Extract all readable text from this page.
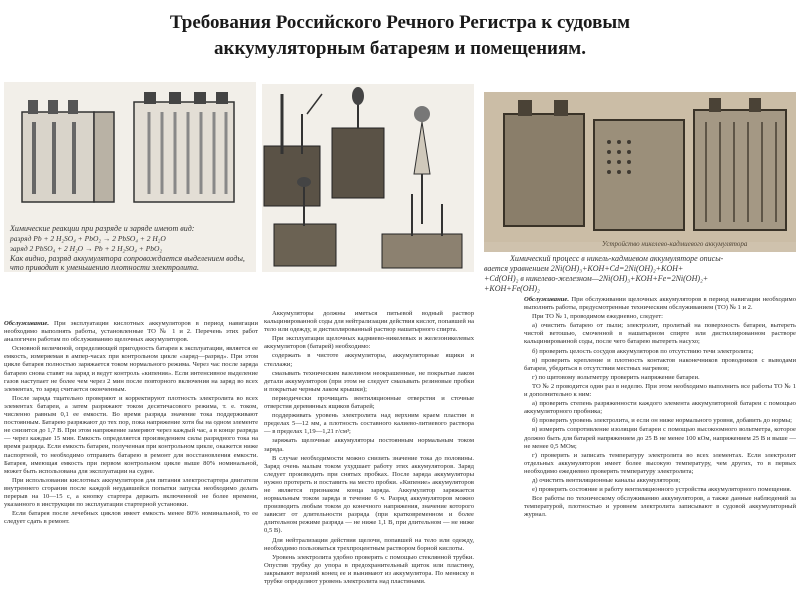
Требования Российского Речного Регистра к судовым
аккумуляторным батареям и помещениям.
Химические реакции при разряде и заряде имеют вид:
разряд Pb + 2 H₂SO₄ + PbO₂ → 2 PbSO₄ + 2 H₂O
заряд 2 PbSO₄ + 2 H₂O → Pb + 2 H₂SO₄ + PbO₂
Как видно, разряд аккумулятора сопровождается выделением воды,
что приводит к уменьшению плотности электролита.
Устройство никелево-кадмиевого аккумулятора
Химический процесс в никель-кадмиевом аккумуляторе описы-
вается уравнением 2Ni(OH)₃+KOH+Cd=2Ni(OH)₂+KOH+
+Cd(OH)₂ в никелево-железном—2Ni(OH)₃+KOH+Fe=2Ni(OH)₂+
+KOH+Fe(OH)₂

Обслуживание. При эксплуатации кислотных аккумуляторов в период навигации необходимо выполнять работы, установленные ТО № 1 и 2. Перечень этих работ аналогичен работам по обслуживанию щелочных аккумуляторов.

Основной величиной, определяющей пригодность батареи к эксплуатации, является ее емкость, измеряемая в ампер-часах при контрольном цикле «заряд—разряд». При этом цикле батарея полностью заряжается током нормального режима. Через час после заряда батарею снова ставят на заряд и ведут контроль «кипения». Если интенсивное выделение газов наступает не более чем через 2 мин после повторного включения на заряд во всех элементах, то заряд считается оконченным.

После заряда тщательно проверяют и корректируют плотность электролита во всех элементах батареи, а затем разряжают током десятичасового режима, т. е. током, численно равным 0,1 ее емкости. Во время разряда значение тока поддерживают постоянным. Батарею разряжают до тех пор, пока напряжение хотя бы на одном элементе не снизится до 1,7 В. При этом напряжение замеряют через каждый час, а в конце разряда — через каждые 15 мин. Емкость определяется произведением силы разрядного тока на время разряда. Если емкость батареи, полученная при контрольном цикле, окажется ниже паспортной, то необходимо отправить батарею в ремонт для восстановления емкости. Батарея, имеющая емкость при первом контрольном цикле выше 80% номинальной, может быть использована для эксплуатации на судне.

При использовании кислотных аккумуляторов для питания электростартера двигателя внутреннего сгорания после каждой неудавшейся попытки запуска необходимо делать перерыв на 10—15 с, а кнопку стартера держать включенной не более времени, указанного в инструкции по эксплуатации стартерной установки.

Если батарея после лечебных циклов имеет емкость менее 80% номинальной, то ее следует сдать в ремонт.

Аккумуляторы должны иметься питьевой водный раствор кальцинированной соды для нейтрализации действия кислот, попавшей на тело или одежду, и дистиллированный раствор нашатырного спирта.

При эксплуатации щелочных кадмиево-никелевых и железоникелевых аккумуляторов (батарей) необходимо:

содержать в чистоте аккумуляторы, аккумуляторные ящики и стеллажи;

смазывать техническим вазелином неокрашенные, не покрытые лаком детали аккумуляторов (при этом не следует смазывать резиновые пробки и покрытые черным лаком крышки);

периодически прочищать вентиляционные отверстия и сточные отверстия деревянных ящиков батарей;

поддерживать уровень электролита над верхним краем пластин в пределах 5—12 мм, а плотность составного калиево-литиевого раствора — в пределах 1,19—1,21 г/см³;

заряжать щелочные аккумуляторы постоянным нормальным током заряда.

В случае необходимости можно снизить значение тока до половины. Заряд очень малым током ухудшает работу этих аккумуляторов. Заряд следует производить при снятых пробках. После заряда аккумуляторы нужно протереть и поставить на место пробки. «Кипение» аккумуляторов не является признаком конца заряда. Аккумулятор заряжается нормальным током заряда в течение 6 ч. Разряд аккумуляторов можно производить любым током до конечного напряжения, значение которого зависит от длительности разряда (при кратковременном и более длительном режиме разряда — не ниже 1,1 В, при длительном — не ниже 0,5 В).

Для нейтрализации действия щелочи, попавшей на тело или одежду, необходимо пользоваться трехпроцентным раствором борной кислоты.

Уровень электролита удобно проверять с помощью стеклянной трубки. Опустив трубку до упора в предохранительный щиток или пластину, закрывают верхний конец ее и вынимают из аккумулятора. По мениску в трубке определяют уровень электролита над пластинами.

Обслуживание. При обслуживании щелочных аккумуляторов в период навигации необходимо выполнять работы, предусмотренные техническим обслуживанием (ТО) № 1 и 2.

При ТО № 1, проводимом ежедневно, следует:

а) очистить батарею от пыли; электролит, пролитый на поверхность батареи, вытереть чистой ветошью, смоченной в нашатырном спирте или дистиллированном растворе кальцинированной соды, после чего батарею вытереть насухо;

б) проверить целость сосудов аккумуляторов по отсутствию течи электролита;

в) проверить крепление и плотность контактов наконечников проводников с выводами батареи, убедиться в отсутствии местных нагревов;

г) по щитовому вольтметру проверить напряжение батареи.

ТО № 2 проводится один раз в неделю. При этом необходимо выполнить все работы ТО № 1 и дополнительно к ним:

а) проверить степень разряженности каждого элемента аккумуляторной батареи с помощью аккумуляторного пробника;

б) проверить уровень электролита, и если он ниже нормального уровня, добавить до нормы;

в) измерить сопротивление изоляции батареи с помощью высокоомного вольтметра, которое должно быть для батарей напряжением до 25 В не менее 100 кОм, напряжением 25 В и выше — не менее 0,5 МОм;

г) проверить и записать температуру электролита во всех элементах. Если электролит отдельных аккумуляторов имеет более высокую температуру, чем других, то в первых необходимо ежедневно проверять температуру электролита;

д) очистить вентиляционные каналы аккумуляторов;

е) проверить состояние и работу вентиляционного устройства аккумуляторного помещения.

Все работы по техническому обслуживанию аккумуляторов, а также данные наблюдений за температурой, плотностью и уровнем электролита записывают в судовой аккумуляторный журнал.
